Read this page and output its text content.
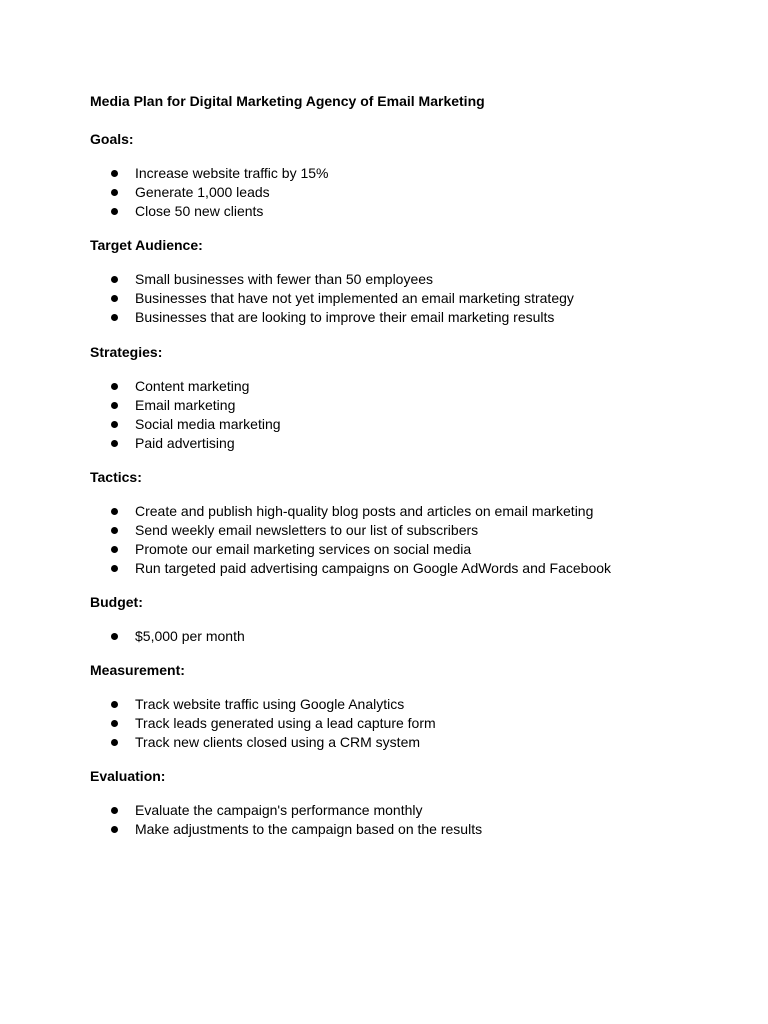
Media Plan for Digital Marketing Agency of Email Marketing
Goals:
Increase website traffic by 15%
Generate 1,000 leads
Close 50 new clients
Target Audience:
Small businesses with fewer than 50 employees
Businesses that have not yet implemented an email marketing strategy
Businesses that are looking to improve their email marketing results
Strategies:
Content marketing
Email marketing
Social media marketing
Paid advertising
Tactics:
Create and publish high-quality blog posts and articles on email marketing
Send weekly email newsletters to our list of subscribers
Promote our email marketing services on social media
Run targeted paid advertising campaigns on Google AdWords and Facebook
Budget:
$5,000 per month
Measurement:
Track website traffic using Google Analytics
Track leads generated using a lead capture form
Track new clients closed using a CRM system
Evaluation:
Evaluate the campaign's performance monthly
Make adjustments to the campaign based on the results
